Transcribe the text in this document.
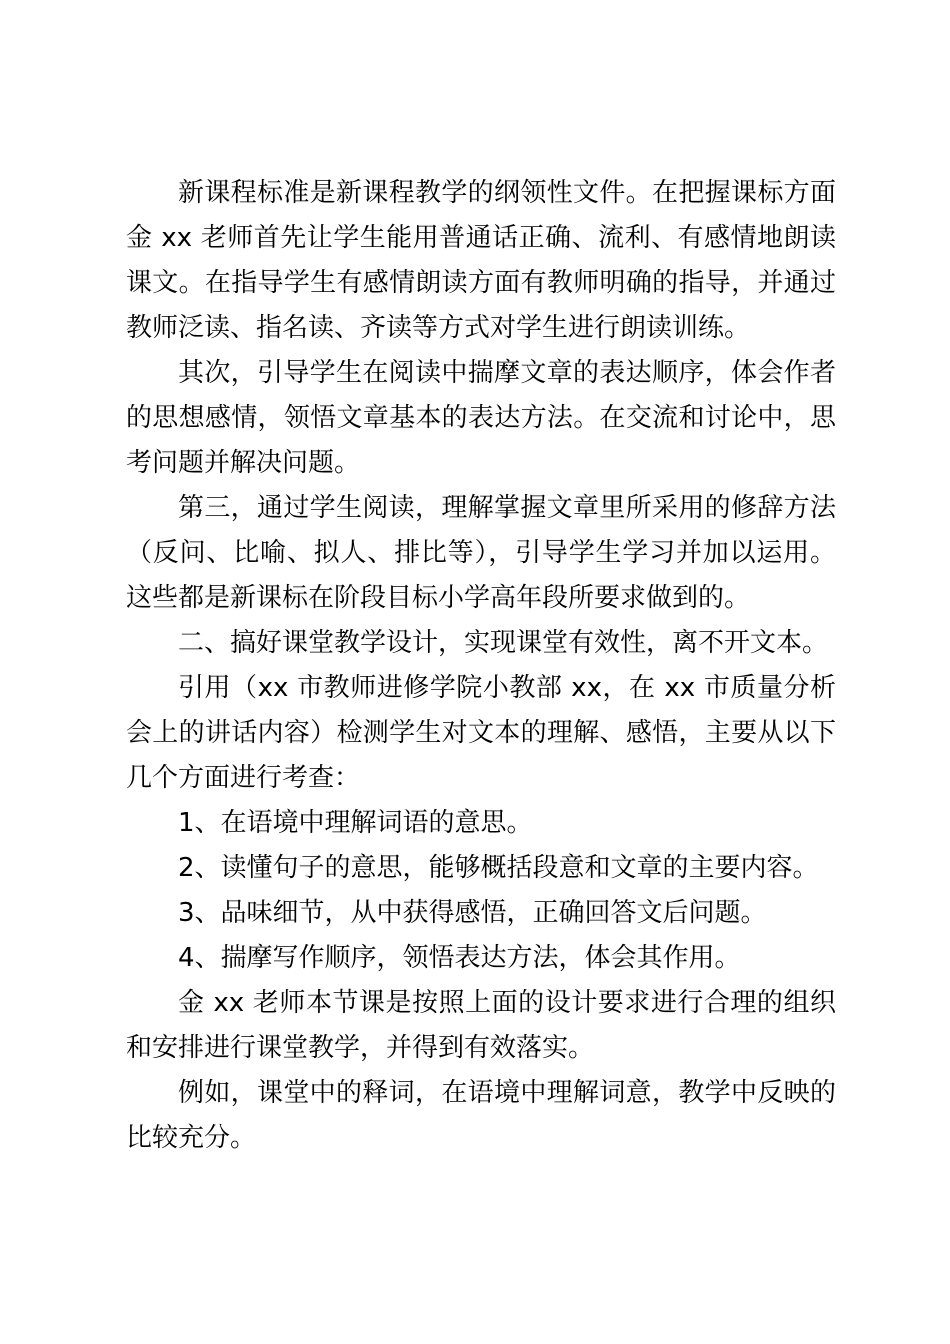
新课程标准是新课程教学的纲领性文件。在把握课标方面金 xx 老师首先让学生能用普通话正确、流利、有感情地朗读课文。在指导学生有感情朗读方面有教师明确的指导，并通过教师泛读、指名读、齐读等方式对学生进行朗读训练。

其次，引导学生在阅读中揣摩文章的表达顺序，体会作者的思想感情，领悟文章基本的表达方法。在交流和讨论中，思考问题并解决问题。

第三，通过学生阅读，理解掌握文章里所采用的修辞方法（反问、比喻、拟人、排比等），引导学生学习并加以运用。这些都是新课标在阶段目标小学高年段所要求做到的。

二、搞好课堂教学设计，实现课堂有效性，离不开文本。

引用（xx 市教师进修学院小教部 xx，在 xx 市质量分析会上的讲话内容）检测学生对文本的理解、感悟，主要从以下几个方面进行考查：

1、在语境中理解词语的意思。

2、读懂句子的意思，能够概括段意和文章的主要内容。

3、品味细节，从中获得感悟，正确回答文后问题。

4、揣摩写作顺序，领悟表达方法，体会其作用。

金 xx 老师本节课是按照上面的设计要求进行合理的组织和安排进行课堂教学，并得到有效落实。

例如，课堂中的释词，在语境中理解词意，教学中反映的比较充分。
